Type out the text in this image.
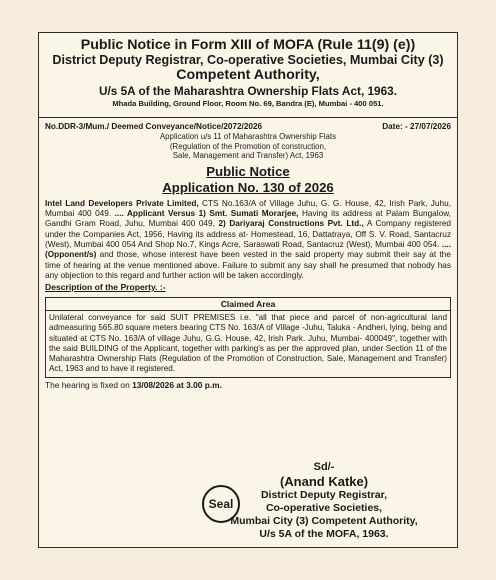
Public Notice in Form XIII of MOFA (Rule 11(9) (e))
District Deputy Registrar, Co-operative Societies, Mumbai City (3)
Competent Authority,
U/s 5A of the Maharashtra Ownership Flats Act, 1963.
Mhada Building, Ground Floor, Room No. 69, Bandra (E), Mumbai - 400 051.
No.DDR-3/Mum./ Deemed Conveyance/Notice/2072/2026	Date: - 27/07/2026
Application u/s 11 of Maharashtra Ownership Flats
(Regulation of the Promotion of construction,
Sale, Management and Transfer) Act, 1963
Public Notice
Application No. 130 of 2026
Intel Land Developers Private Limited, CTS No.163/A of Village Juhu, G. G. House, 42, Irish Park, Juhu, Mumbai 400 049. .... Applicant Versus 1) Smt. Sumati Morarjee, Having its address at Palam Bungalow, Gandhi Gram Road, Juhu, Mumbai 400 049, 2) Dariyaraj Constructions Pvt. Ltd., A Company registered under the Companies Act, 1956, Having its address at- Homestead, 16, Dattatraya, Off S. V. Road, Santacruz (West), Mumbai 400 054 And Shop No.7, Kings Acre, Saraswati Road, Santacruz (West), Mumbai 400 054. ....(Opponent/s) and those, whose interest have been vested in the said property may submit their say at the time of hearing at the venue mentioned above. Failure to submit any say shall he presumed that nobody has any objection to this regard and further action will be taken accordingly.
Description of the Property. :-
Claimed Area
Unilateral conveyance for said SUIT PREMISES i.e. "all that piece and parcel of non-agricultural land admeasuring 565.80 square meters bearing CTS No. 163/A of Village -Juhu, Taluka - Andheri, lying, being and situated at CTS No. 163/A of village Juhu, G.G. House, 42, Irish Park. Juhu, Mumbai- 400049", together with the said BUILDING of the Applicant, together with parking's as per the approved plan, under Section 11 of the Maharashtra Ownership Flats (Regulation of the Promotion of Construction, Sale, Management and Transfer) Act, 1963 and to have it registered.
The hearing is fixed on 13/08/2026 at 3.00 p.m.
Seal
Sd/-
(Anand Katke)
District Deputy Registrar,
Co-operative Societies,
Mumbai City (3) Competent Authority,
U/s 5A of the MOFA, 1963.
